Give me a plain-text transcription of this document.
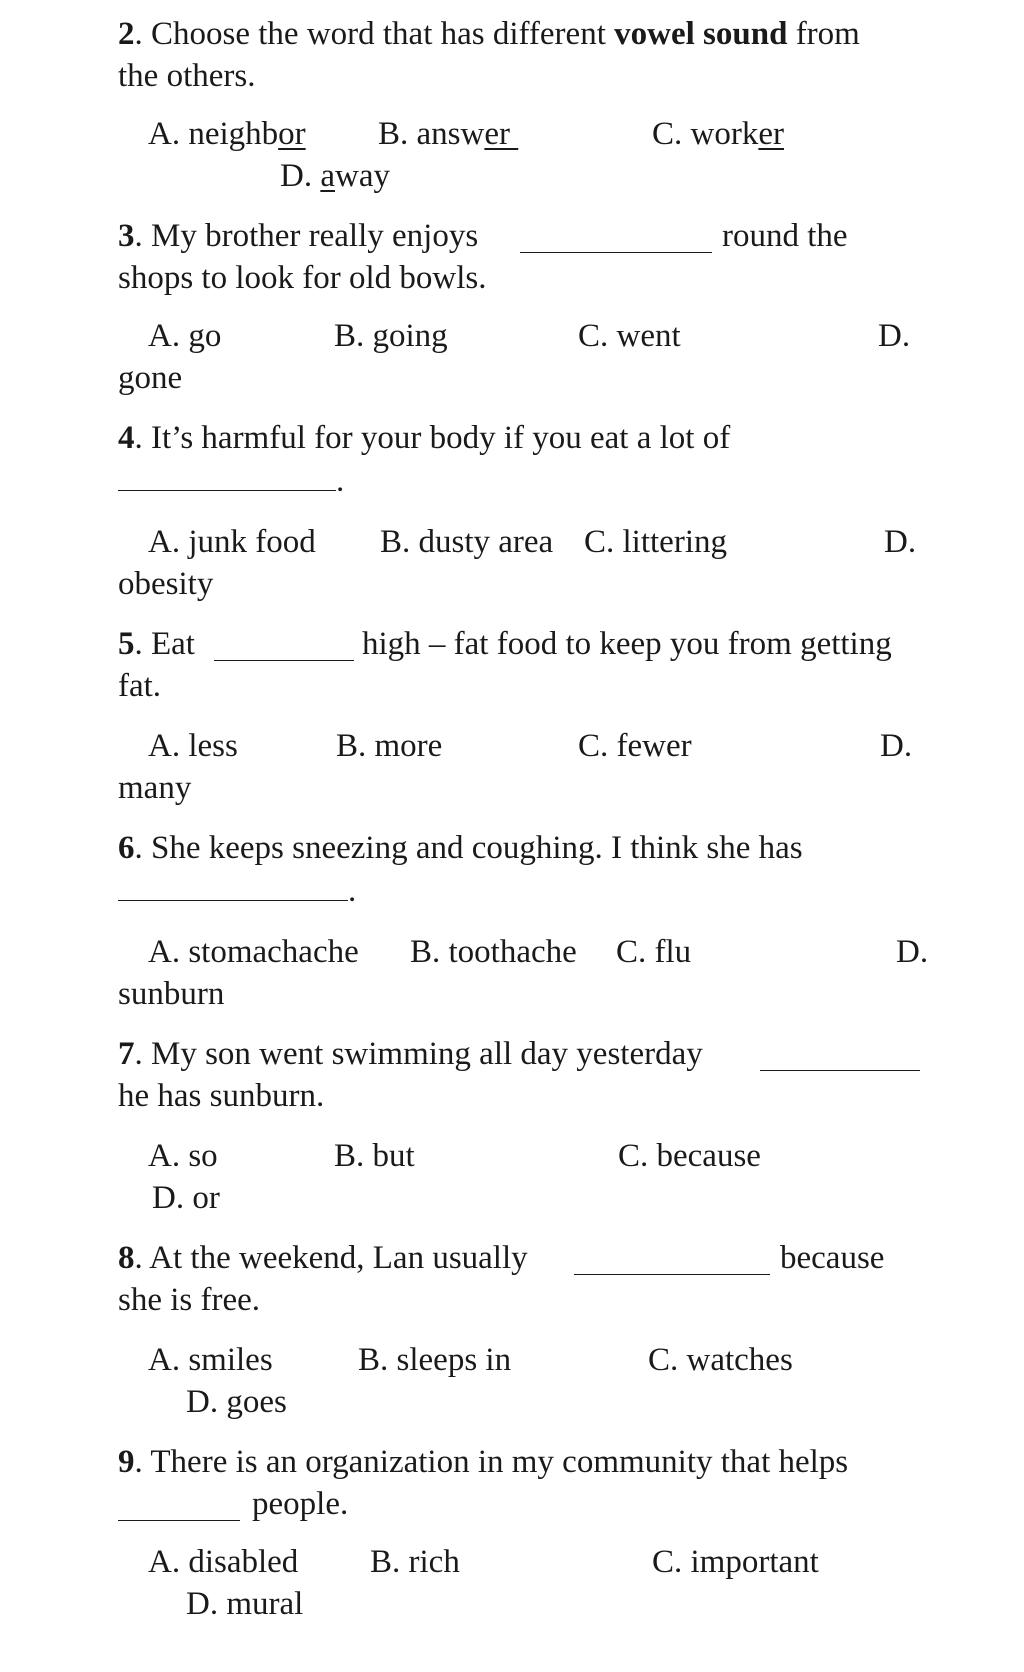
2. Choose the word that has different vowel sound from
the others.
A. neighbor B. answer	C. worker
D. away
3. My brother really enjoys	round the
shops to look for old bowls.
A. go	B. going	C. went	D.
gone
4. It’s harmful for your body if you eat a lot of
.
A. junk food B. dusty area C. littering	D.
obesity
5. Eat	high – fat food to keep you from getting
fat.
A. less	B. more	C. fewer	D.
many
6. She keeps sneezing and coughing. I think she has
.
A. stomachache B. toothache C. flu	D.
sunburn
7. My son went swimming all day yesterday
he has sunburn.
A. so	B. but	C. because
D. or
8. At the weekend, Lan usually	because
she is free.
A. smiles	B. sleeps in	C. watches
D. goes
9. There is an organization in my community that helps
people.
A. disabled B. rich	C. important
D. mural
